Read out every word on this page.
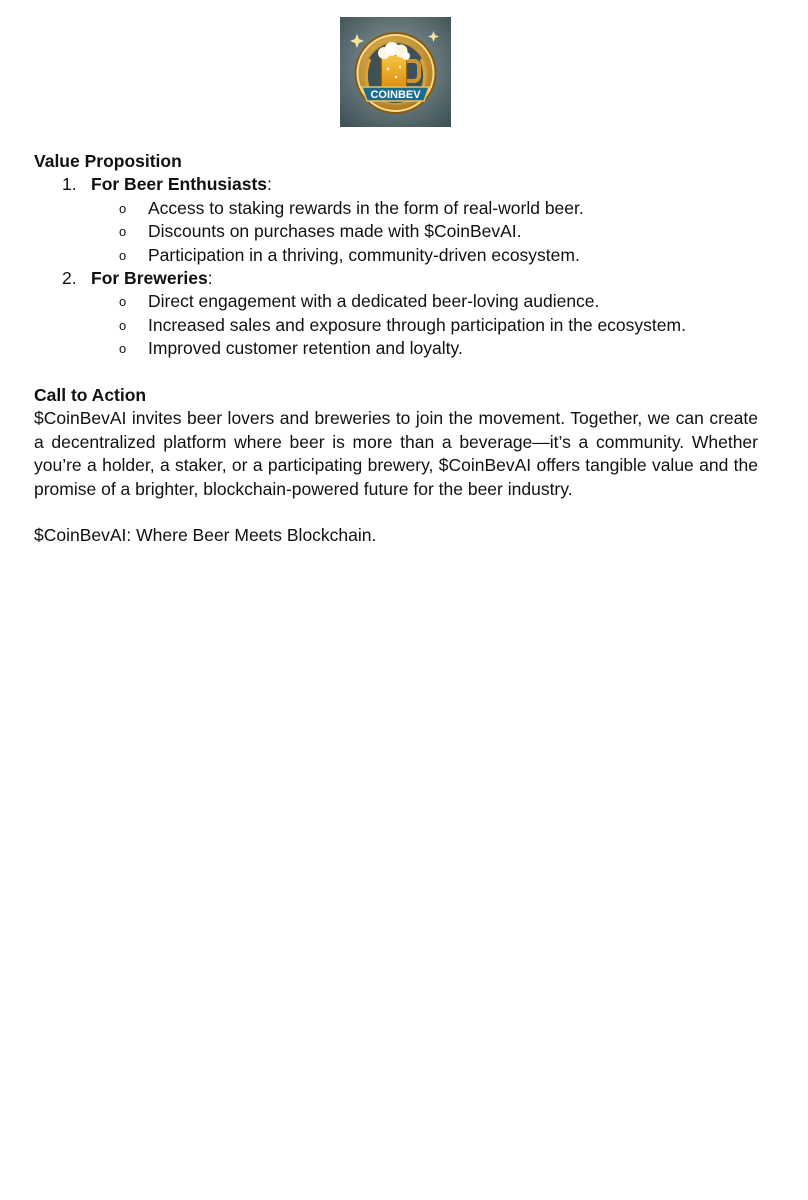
COINBEV

Value Proposition

1. For Beer Enthusiasts:
o Access to staking rewards in the form of real-world beer.
o Discounts on purchases made with $CoinBevAI.
o Participation in a thriving, community-driven ecosystem.
2. For Breweries:
o Direct engagement with a dedicated beer-loving audience.
o Increased sales and exposure through participation in the ecosystem.
o Improved customer retention and loyalty.

Call to Action

$CoinBevAI invites beer lovers and breweries to join the movement. Together, we can create a decentralized platform where beer is more than a beverage—it’s a community. Whether you’re a holder, a staker, or a participating brewery, $CoinBevAI offers tangible value and the promise of a brighter, blockchain-powered future for the beer industry.

$CoinBevAI: Where Beer Meets Blockchain.
